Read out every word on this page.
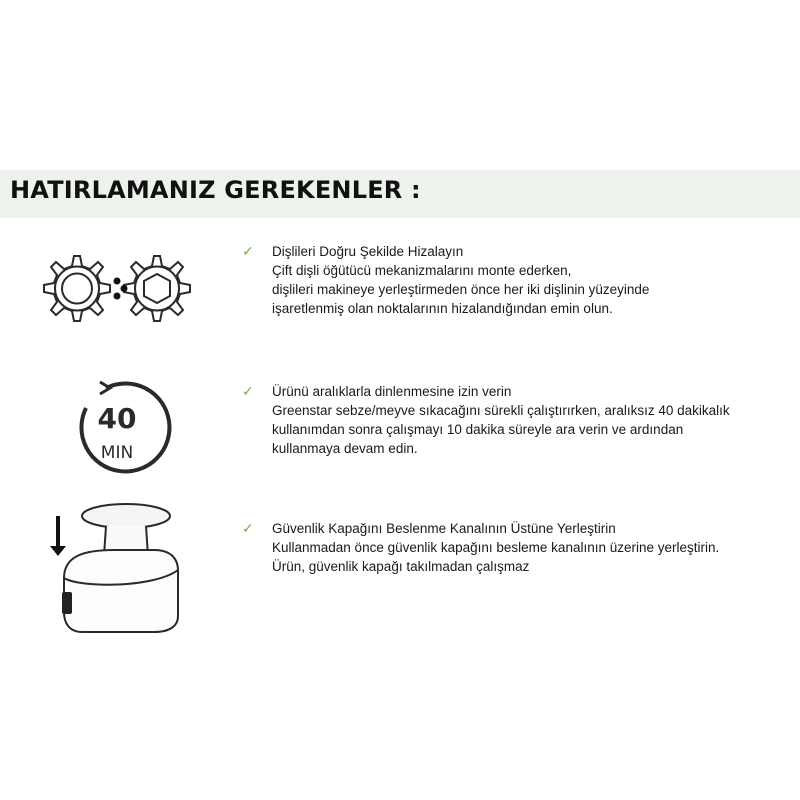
HATIRLAMANIZ GEREKENLER :
40
MIN
✓ Dişlileri Doğru Şekilde Hizalayın
Çift dişli öğütücü mekanizmalarını monte ederken,
dişlileri makineye yerleştirmeden önce her iki dişlinin yüzeyinde
işaretlenmiş olan noktalarının hizalandığından emin olun.
✓ Ürünü aralıklarla dinlenmesine izin verin
Greenstar sebze/meyve sıkacağını sürekli çalıştırırken, aralıksız 40 dakikalık
kullanımdan sonra çalışmayı 10 dakika süreyle ara verin ve ardından
kullanmaya devam edin.
✓ Güvenlik Kapağını Beslenme Kanalının Üstüne Yerleştirin
Kullanmadan önce güvenlik kapağını besleme kanalının üzerine yerleştirin.
Ürün, güvenlik kapağı takılmadan çalışmaz
